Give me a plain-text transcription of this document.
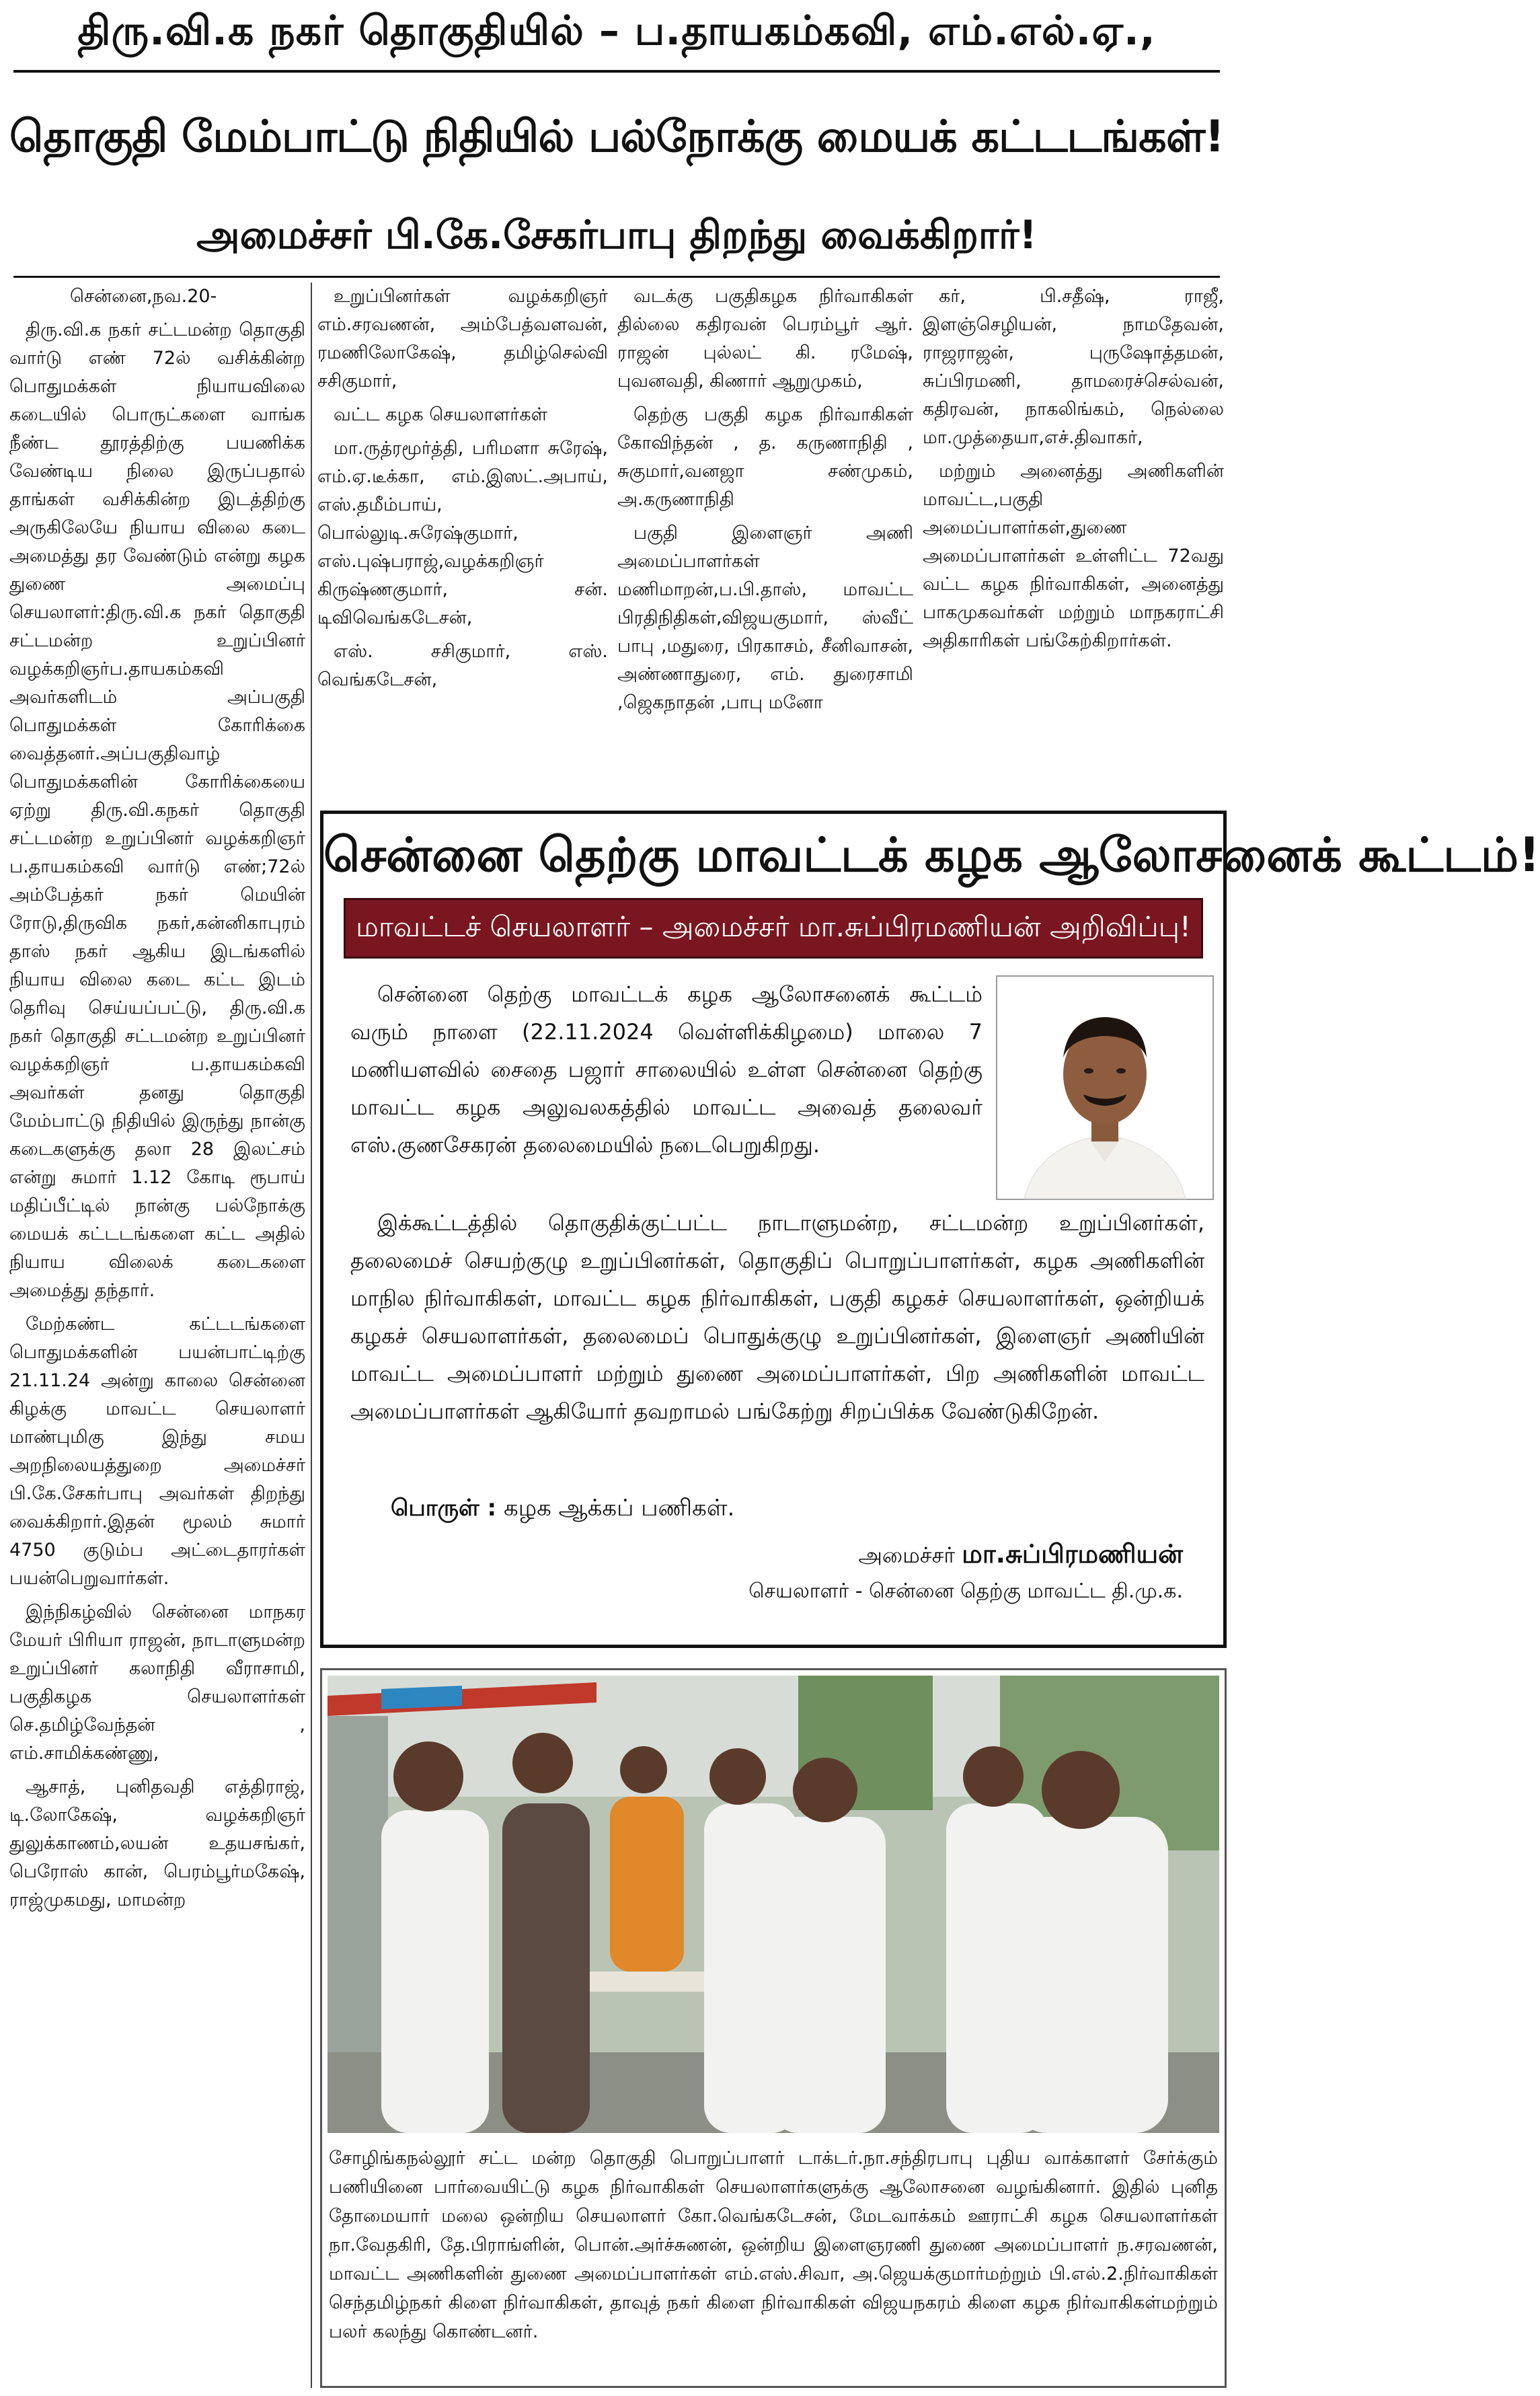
திரு.வி.க நகர் தொகுதியில் – ப.தாயகம்கவி, எம்.எல்.ஏ.,
தொகுதி மேம்பாட்டு நிதியில் பல்நோக்கு மையக் கட்டடங்கள்!
அமைச்சர் பி.கே.சேகர்பாபு திறந்து வைக்கிறார்!

சென்னை,நவ.20-

திரு.வி.க நகர் சட்டமன்ற தொகுதி வார்டு எண் 72ல் வசிக்கின்ற பொதுமக்கள் நியாயவிலை கடையில் பொருட்களை வாங்க நீண்ட தூரத்திற்கு பயணிக்க வேண்டிய நிலை இருப்பதால் தாங்கள் வசிக்கின்ற இடத்திற்கு அருகிலேயே நியாய விலை கடை அமைத்து தர வேண்டும் என்று கழக துணை அமைப்பு செயலாளர்:திரு.வி.க நகர் தொகுதி சட்டமன்ற உறுப்பினர் வழக்கறிஞர்ப.தாயகம்கவி அவர்களிடம் அப்பகுதி பொதுமக்கள் கோரிக்கை வைத்தனர்.அப்பகுதிவாழ் பொதுமக்களின் கோரிக்கையை ஏற்று திரு.வி.கநகர் தொகுதி சட்டமன்ற உறுப்பினர் வழக்கறிஞர் ப.தாயகம்கவி வார்டு எண்;72ல் அம்பேத்கர் நகர் மெயின் ரோடு,திருவிக நகர்,கன்னிகாபுரம் தாஸ் நகர் ஆகிய இடங்களில் நியாய விலை கடை கட்ட இடம் தெரிவு செய்யப்பட்டு, திரு.வி.க நகர் தொகுதி சட்டமன்ற உறுப்பினர் வழக்கறிஞர் ப.தாயகம்கவி அவர்கள் தனது தொகுதி மேம்பாட்டு நிதியில் இருந்து நான்கு கடைகளுக்கு தலா 28 இலட்சம் என்று சுமார் 1.12 கோடி ரூபாய் மதிப்பீட்டில் நான்கு பல்நோக்கு மையக் கட்டடங்களை கட்ட அதில் நியாய விலைக் கடைகளை அமைத்து தந்தார்.

மேற்கண்ட கட்டடங்களை பொதுமக்களின் பயன்பாட்டிற்கு 21.11.24 அன்று காலை சென்னை கிழக்கு மாவட்ட செயலாளர் மாண்புமிகு இந்து சமய அறநிலையத்துறை அமைச்சர் பி.கே.சேகர்பாபு அவர்கள் திறந்து வைக்கிறார்.இதன் மூலம் சுமார் 4750 குடும்ப அட்டைதாரர்கள் பயன்பெறுவார்கள்.

இந்நிகழ்வில் சென்னை மாநகர மேயர் பிரியா ராஜன், நாடாளுமன்ற உறுப்பினர் கலாநிதி வீராசாமி, பகுதிகழக செயலாளர்கள் செ.தமிழ்வேந்தன் , எம்.சாமிக்கண்ணு,

ஆசாத், புனிதவதி எத்திராஜ், டி.லோகேஷ், வழக்கறிஞர் துலுக்காணம்,லயன் உதயசங்கர், பெரோஸ் கான், பெரம்பூர்மகேஷ், ராஜ்முகமது, மாமன்ற

உறுப்பினர்கள் வழக்கறிஞர் எம்.சரவணன், அம்பேத்வளவன், ரமணிலோகேஷ், தமிழ்செல்வி சசிகுமார்,

வட்ட கழக செயலாளர்கள்

மா.ருத்ரமூர்த்தி, பரிமளா சுரேஷ், எம்.ஏ.டீக்கா, எம்.இஸட்.அபாய், எஸ்.தமீம்பாய், பொல்லுடி.சுரேஷ்குமார், எஸ்.புஷ்பராஜ்,வழக்கறிஞர் கிருஷ்ணகுமார், சன். டிவிவெங்கடேசன்,

எஸ். சசிகுமார், எஸ். வெங்கடேசன்,

வடக்கு பகுதிகழக நிர்வாகிகள் தில்லை கதிரவன் பெரம்பூர் ஆர். ராஜன் புல்லட் கி. ரமேஷ், புவனவதி, கிணார் ஆறுமுகம்,

தெற்கு பகுதி கழக நிர்வாகிகள் கோவிந்தன் , த. கருணாநிதி , சுகுமார்,வனஜா சண்முகம், அ.கருணாநிதி

பகுதி இளைஞர் அணி அமைப்பாளர்கள் மணிமாறன்,ப.பி.தாஸ், மாவட்ட பிரதிநிதிகள்,விஜயகுமார், ஸ்வீட் பாபு ,மதுரை, பிரகாசம், சீனிவாசன், அண்ணாதுரை, எம். துரைசாமி ,ஜெகநாதன் ,பாபு மனோ

கர், பி.சதீஷ், ராஜீ, இளஞ்செழியன், நாமதேவன், ராஜராஜன், புருஷோத்தமன், சுப்பிரமணி, தாமரைச்செல்வன், கதிரவன், நாகலிங்கம், நெல்லை மா.முத்தையா,எச்.திவாகர்,

மற்றும் அனைத்து அணிகளின் மாவட்ட,பகுதி அமைப்பாளர்கள்,துணை அமைப்பாளர்கள் உள்ளிட்ட 72வது வட்ட கழக நிர்வாகிகள், அனைத்து பாகமுகவர்கள் மற்றும் மாநகராட்சி அதிகாரிகள் பங்கேற்கிறார்கள்.

சென்னை தெற்கு மாவட்டக் கழக ஆலோசனைக் கூட்டம்!
மாவட்டச் செயலாளர் – அமைச்சர் மா.சுப்பிரமணியன் அறிவிப்பு!

சென்னை தெற்கு மாவட்டக் கழக ஆலோசனைக் கூட்டம் வரும் நாளை (22.11.2024 வெள்ளிக்கிழமை) மாலை 7 மணியளவில் சைதை பஜார் சாலையில் உள்ள சென்னை தெற்கு மாவட்ட கழக அலுவலகத்தில் மாவட்ட அவைத் தலைவர் எஸ்.குணசேகரன் தலைமையில் நடைபெறுகிறது.

இக்கூட்டத்தில் தொகுதிக்குட்பட்ட நாடாளுமன்ற, சட்டமன்ற உறுப்பினர்கள், தலைமைச் செயற்குழு உறுப்பினர்கள், தொகுதிப் பொறுப்பாளர்கள், கழக அணிகளின் மாநில நிர்வாகிகள், மாவட்ட கழக நிர்வாகிகள், பகுதி கழகச் செயலாளர்கள், ஒன்றியக் கழகச் செயலாளர்கள், தலைமைப் பொதுக்குழு உறுப்பினர்கள், இளைஞர் அணியின் மாவட்ட அமைப்பாளர் மற்றும் துணை அமைப்பாளர்கள், பிற அணிகளின் மாவட்ட அமைப்பாளர்கள் ஆகியோர் தவறாமல் பங்கேற்று சிறப்பிக்க வேண்டுகிறேன்.

பொருள் : கழக ஆக்கப் பணிகள்.
அமைச்சர் மா.சுப்பிரமணியன்
செயலாளர் - சென்னை தெற்கு மாவட்ட தி.மு.க.
சோழிங்கநல்லூர் சட்ட மன்ற தொகுதி பொறுப்பாளர் டாக்டர்.நா.சந்திரபாபு புதிய வாக்காளர் சேர்க்கும் பணியினை பார்வையிட்டு கழக நிர்வாகிகள் செயலாளர்களுக்கு ஆலோசனை வழங்கினார். இதில் புனித தோமையார் மலை ஒன்றிய செயலாளர் கோ.வெங்கடேசன், மேடவாக்கம் ஊராட்சி கழக செயலாளர்கள் நா.வேதகிரி, தே.பிராங்ளின், பொன்.அர்ச்சுணன், ஒன்றிய இளைஞரணி துணை அமைப்பாளர் ந.சரவணன், மாவட்ட அணிகளின் துணை அமைப்பாளர்கள் எம்.எஸ்.சிவா, அ.ஜெயக்குமார்மற்றும் பி.எல்.2.நிர்வாகிகள் செந்தமிழ்நகர் கிளை நிர்வாகிகள், தாவுத் நகர் கிளை நிர்வாகிகள் விஜயநகரம் கிளை கழக நிர்வாகிகள்மற்றும் பலர் கலந்து கொண்டனர்.
